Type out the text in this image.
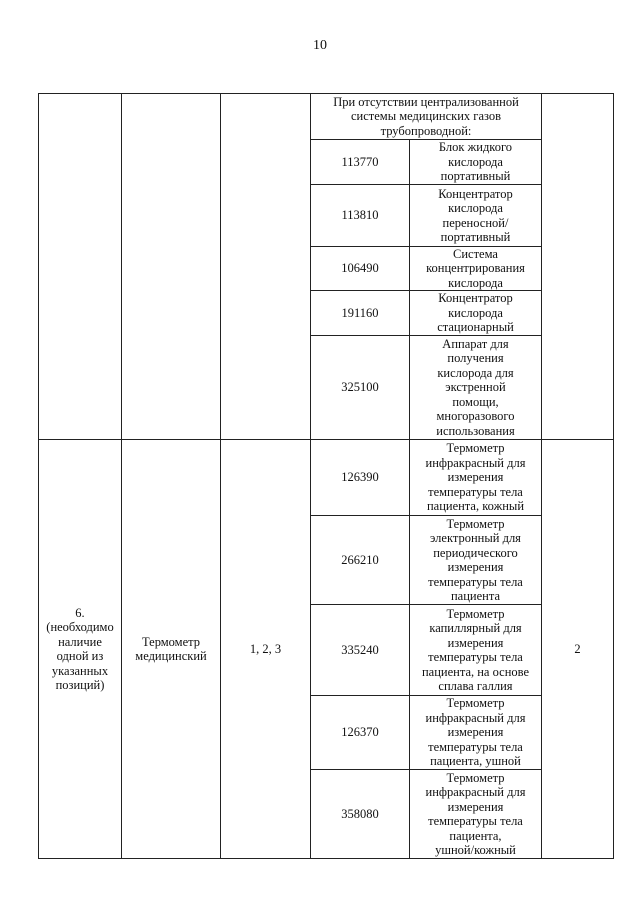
10
При отсутствии централизованной
системы медицинских газов
трубопроводной:
113770
Блок жидкого
кислорода
портативный
113810
Концентратор
кислорода
переносной/
портативный
106490
Система
концентрирования
кислорода
191160
Концентратор
кислорода
стационарный
325100
Аппарат для
получения
кислорода для
экстренной
помощи,
многоразового
использования
6.
(необходимо
наличие
одной из
указанных
позиций)
Термометр
медицинский
1, 2, 3	2
126390
Термометр
инфракрасный для
измерения
температуры тела
пациента, кожный
266210
Термометр
электронный для
периодического
измерения
температуры тела
пациента
335240
Термометр
капиллярный для
измерения
температуры тела
пациента, на основе
сплава галлия
126370
Термометр
инфракрасный для
измерения
температуры тела
пациента, ушной
358080
Термометр
инфракрасный для
измерения
температуры тела
пациента,
ушной/кожный
